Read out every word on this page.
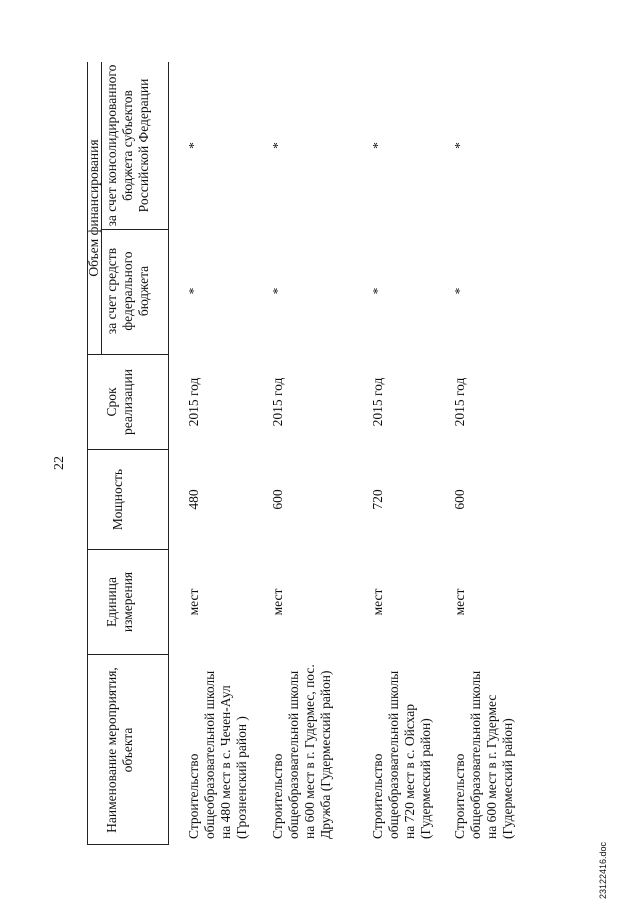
22
Наименование мероприятия, объекта
Единица измерения
Мощность
Срок реализации
Объем финансирования
за счет средств федерального бюджета
за счет консолидированного бюджета субъектов Российской Федерации
Строительство общеобразовательной школы на 480 мест в с. Чечен-Аул (Грозненский район )
мест
480
2015 год
*
*
Строительство общеобразовательной школы на 600 мест в г. Гудермес, пос. Дружба (Гудермеский район)
мест
600
2015 год
*
*
Строительство общеобразовательной школы на 720 мест в с. Ойсхар (Гудермеский район)
мест
720
2015 год
*
*
Строительство общеобразовательной школы на 600 мест в г. Гудермес (Гудермеский район)
мест
600
2015 год
*
*
23122416.doc
